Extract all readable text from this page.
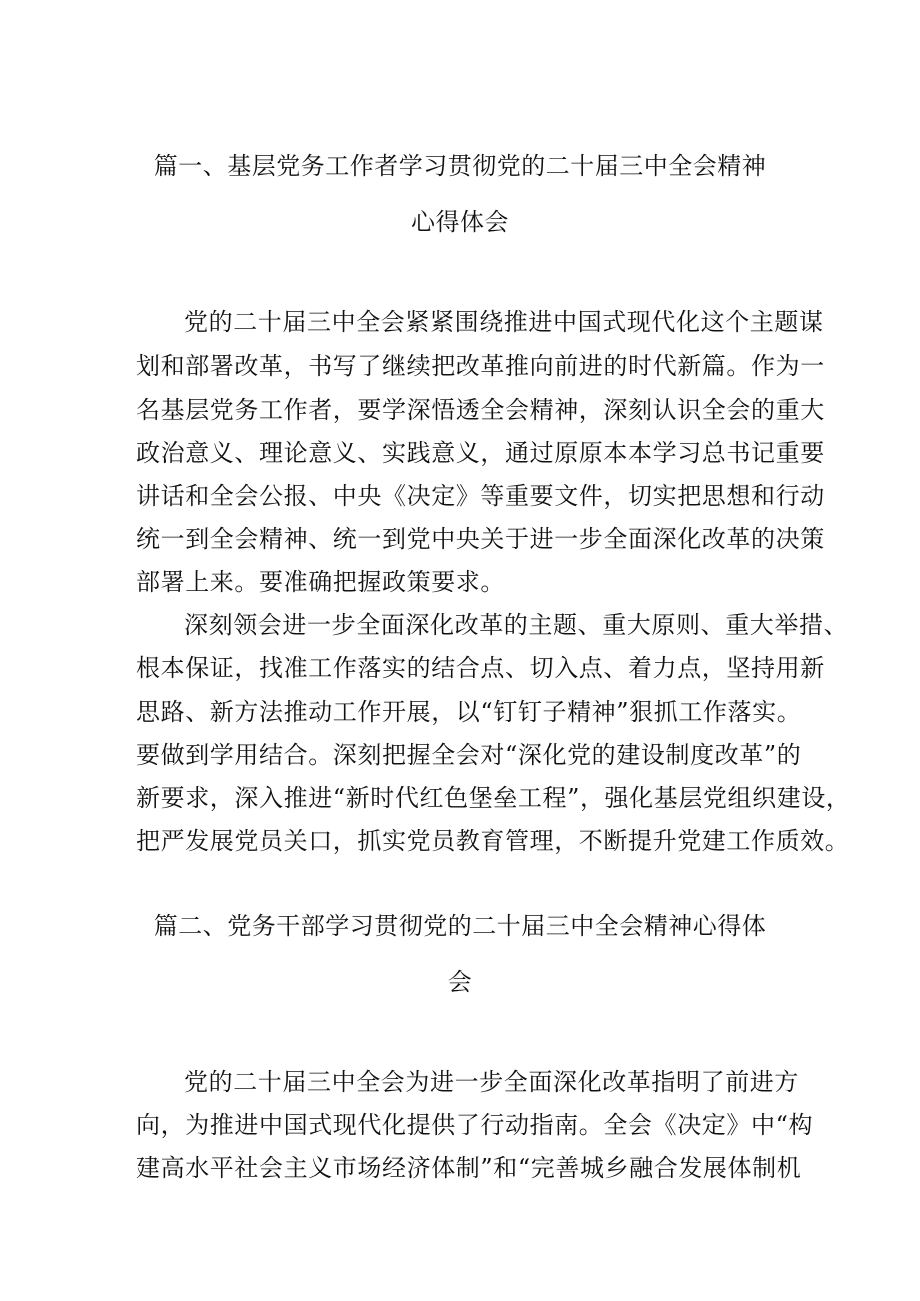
篇一、基层党务工作者学习贯彻党的二十届三中全会精神
心得体会
党的二十届三中全会紧紧围绕推进中国式现代化这个主题谋
划和部署改革，书写了继续把改革推向前进的时代新篇。作为一
名基层党务工作者，要学深悟透全会精神，深刻认识全会的重大
政治意义、理论意义、实践意义，通过原原本本学习总书记重要
讲话和全会公报、中央《决定》等重要文件，切实把思想和行动
统一到全会精神、统一到党中央关于进一步全面深化改革的决策
部署上来。要准确把握政策要求。
深刻领会进一步全面深化改革的主题、重大原则、重大举措、
根本保证，找准工作落实的结合点、切入点、着力点，坚持用新
思路、新方法推动工作开展，以“钉钉子精神”狠抓工作落实。
要做到学用结合。深刻把握全会对“深化党的建设制度改革”的
新要求，深入推进“新时代红色堡垒工程”，强化基层党组织建设，
把严发展党员关口，抓实党员教育管理，不断提升党建工作质效。
篇二、党务干部学习贯彻党的二十届三中全会精神心得体
会
党的二十届三中全会为进一步全面深化改革指明了前进方
向，为推进中国式现代化提供了行动指南。全会《决定》中“构
建高水平社会主义市场经济体制”和“完善城乡融合发展体制机
